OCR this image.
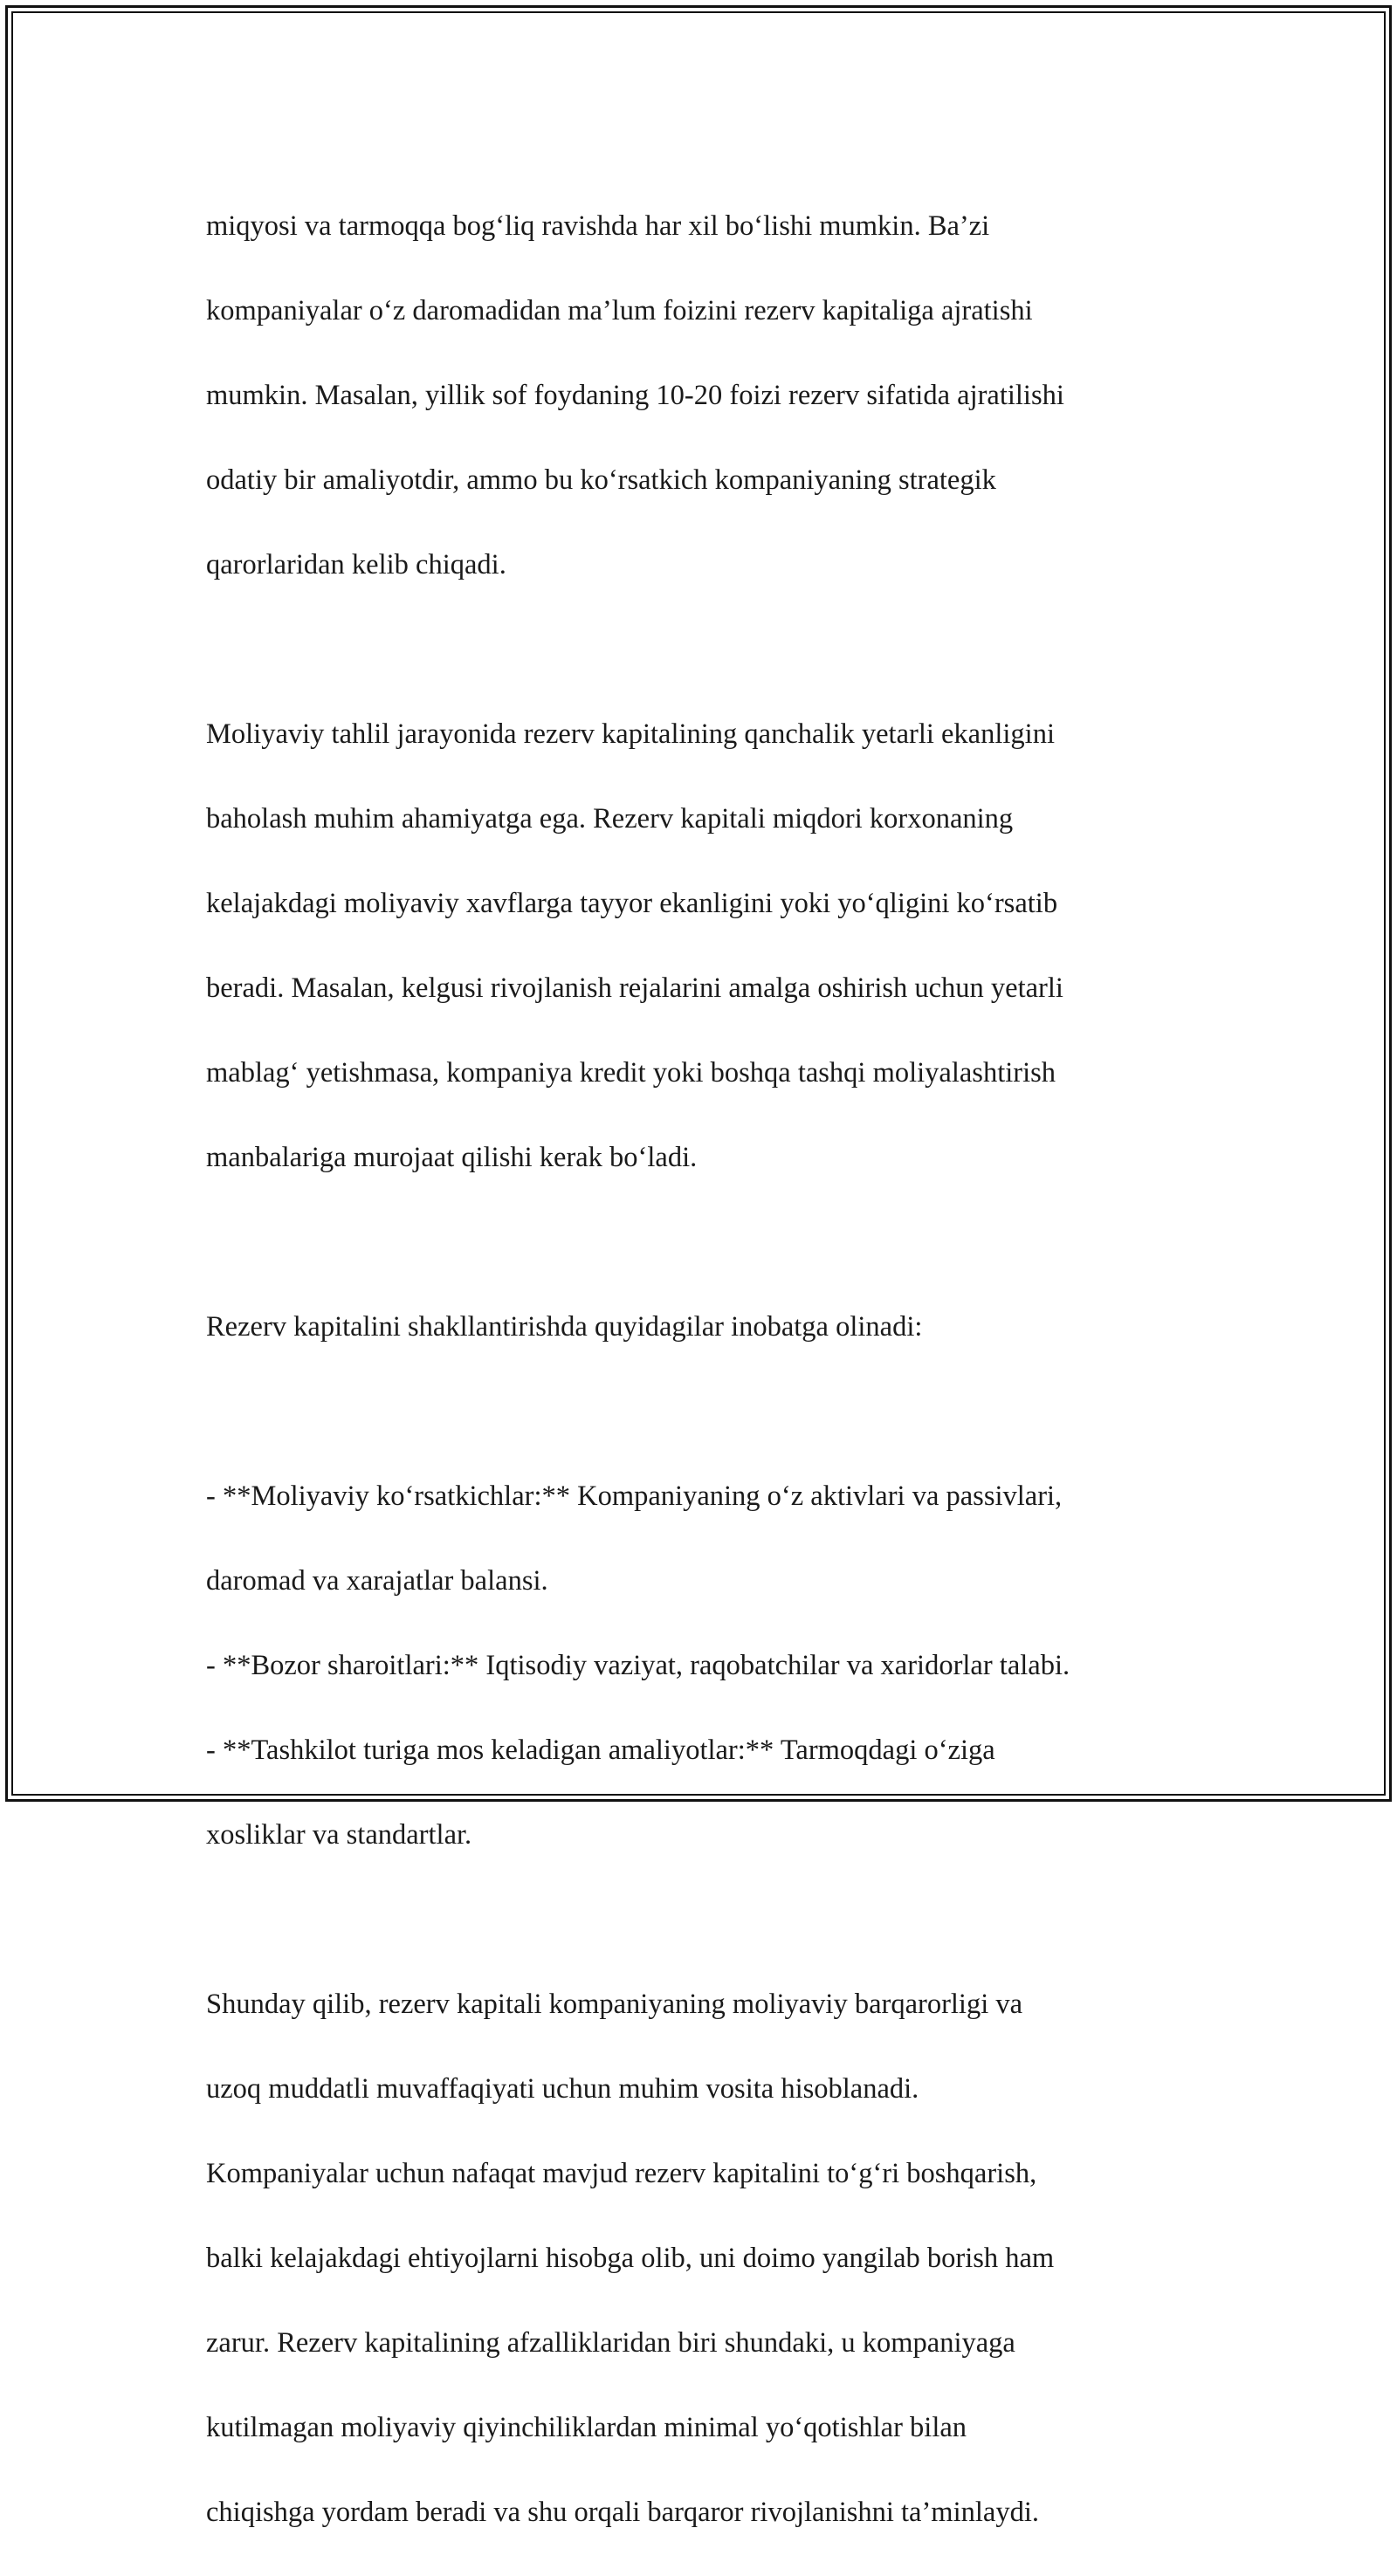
miqyosi va tarmoqqa bog‘liq ravishda har xil bo‘lishi mumkin. Ba’zi

kompaniyalar o‘z daromadidan ma’lum foizini rezerv kapitaliga ajratishi

mumkin. Masalan, yillik sof foydaning 10-20 foizi rezerv sifatida ajratilishi

odatiy bir amaliyotdir, ammo bu ko‘rsatkich kompaniyaning strategik

qarorlaridan kelib chiqadi.

Moliyaviy tahlil jarayonida rezerv kapitalining qanchalik yetarli ekanligini

baholash muhim ahamiyatga ega. Rezerv kapitali miqdori korxonaning

kelajakdagi moliyaviy xavflarga tayyor ekanligini yoki yo‘qligini ko‘rsatib

beradi. Masalan, kelgusi rivojlanish rejalarini amalga oshirish uchun yetarli

mablag‘ yetishmasa, kompaniya kredit yoki boshqa tashqi moliyalashtirish

manbalariga murojaat qilishi kerak bo‘ladi.

Rezerv kapitalini shakllantirishda quyidagilar inobatga olinadi:

- **Moliyaviy ko‘rsatkichlar:** Kompaniyaning o‘z aktivlari va passivlari,

daromad va xarajatlar balansi.

- **Bozor sharoitlari:** Iqtisodiy vaziyat, raqobatchilar va xaridorlar talabi.

- **Tashkilot turiga mos keladigan amaliyotlar:** Tarmoqdagi o‘ziga

xosliklar va standartlar.

Shunday qilib, rezerv kapitali kompaniyaning moliyaviy barqarorligi va

uzoq muddatli muvaffaqiyati uchun muhim vosita hisoblanadi.

Kompaniyalar uchun nafaqat mavjud rezerv kapitalini to‘g‘ri boshqarish,

balki kelajakdagi ehtiyojlarni hisobga olib, uni doimo yangilab borish ham

zarur. Rezerv kapitalining afzalliklaridan biri shundaki, u kompaniyaga

kutilmagan moliyaviy qiyinchiliklardan minimal yo‘qotishlar bilan

chiqishga yordam beradi va shu orqali barqaror rivojlanishni ta’minlaydi.
